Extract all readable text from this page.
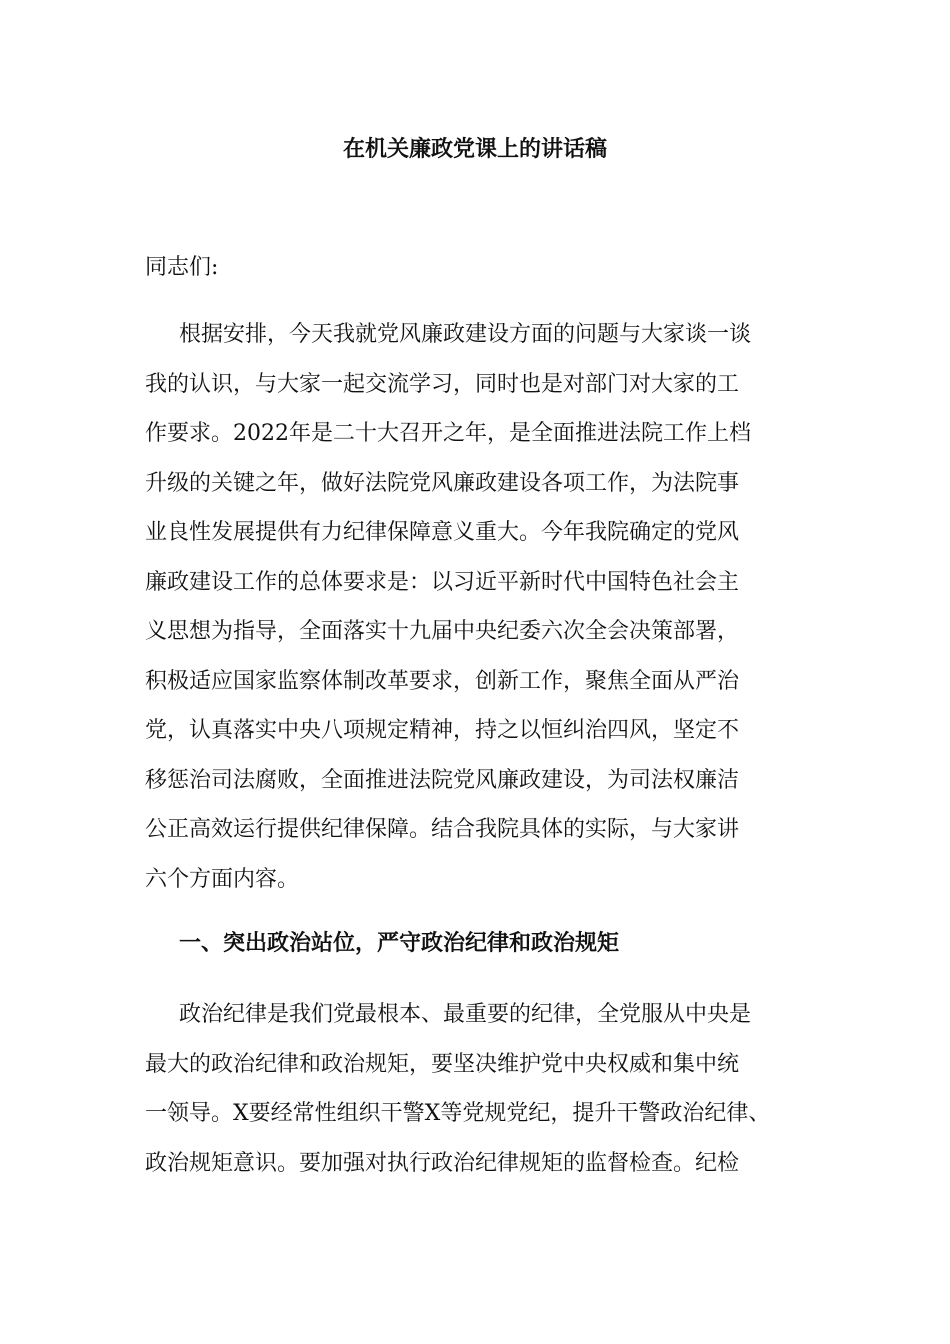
在机关廉政党课上的讲话稿

同志们:

根据安排，今天我就党风廉政建设方面的问题与大家谈一谈
我的认识，与大家一起交流学习，同时也是对部门对大家的工
作要求。2022年是二十大召开之年，是全面推进法院工作上档
升级的关键之年，做好法院党风廉政建设各项工作，为法院事
业良性发展提供有力纪律保障意义重大。今年我院确定的党风
廉政建设工作的总体要求是：以习近平新时代中国特色社会主
义思想为指导，全面落实十九届中央纪委六次全会决策部署，
积极适应国家监察体制改革要求，创新工作，聚焦全面从严治
党，认真落实中央八项规定精神，持之以恒纠治四风，坚定不
移惩治司法腐败，全面推进法院党风廉政建设，为司法权廉洁
公正高效运行提供纪律保障。结合我院具体的实际，与大家讲
六个方面内容。
一、突出政治站位，严守政治纪律和政治规矩
政治纪律是我们党最根本、最重要的纪律，全党服从中央是
最大的政治纪律和政治规矩，要坚决维护党中央权威和集中统
一领导。X要经常性组织干警X等党规党纪，提升干警政治纪律、
政治规矩意识。要加强对执行政治纪律规矩的监督检查。纪检
